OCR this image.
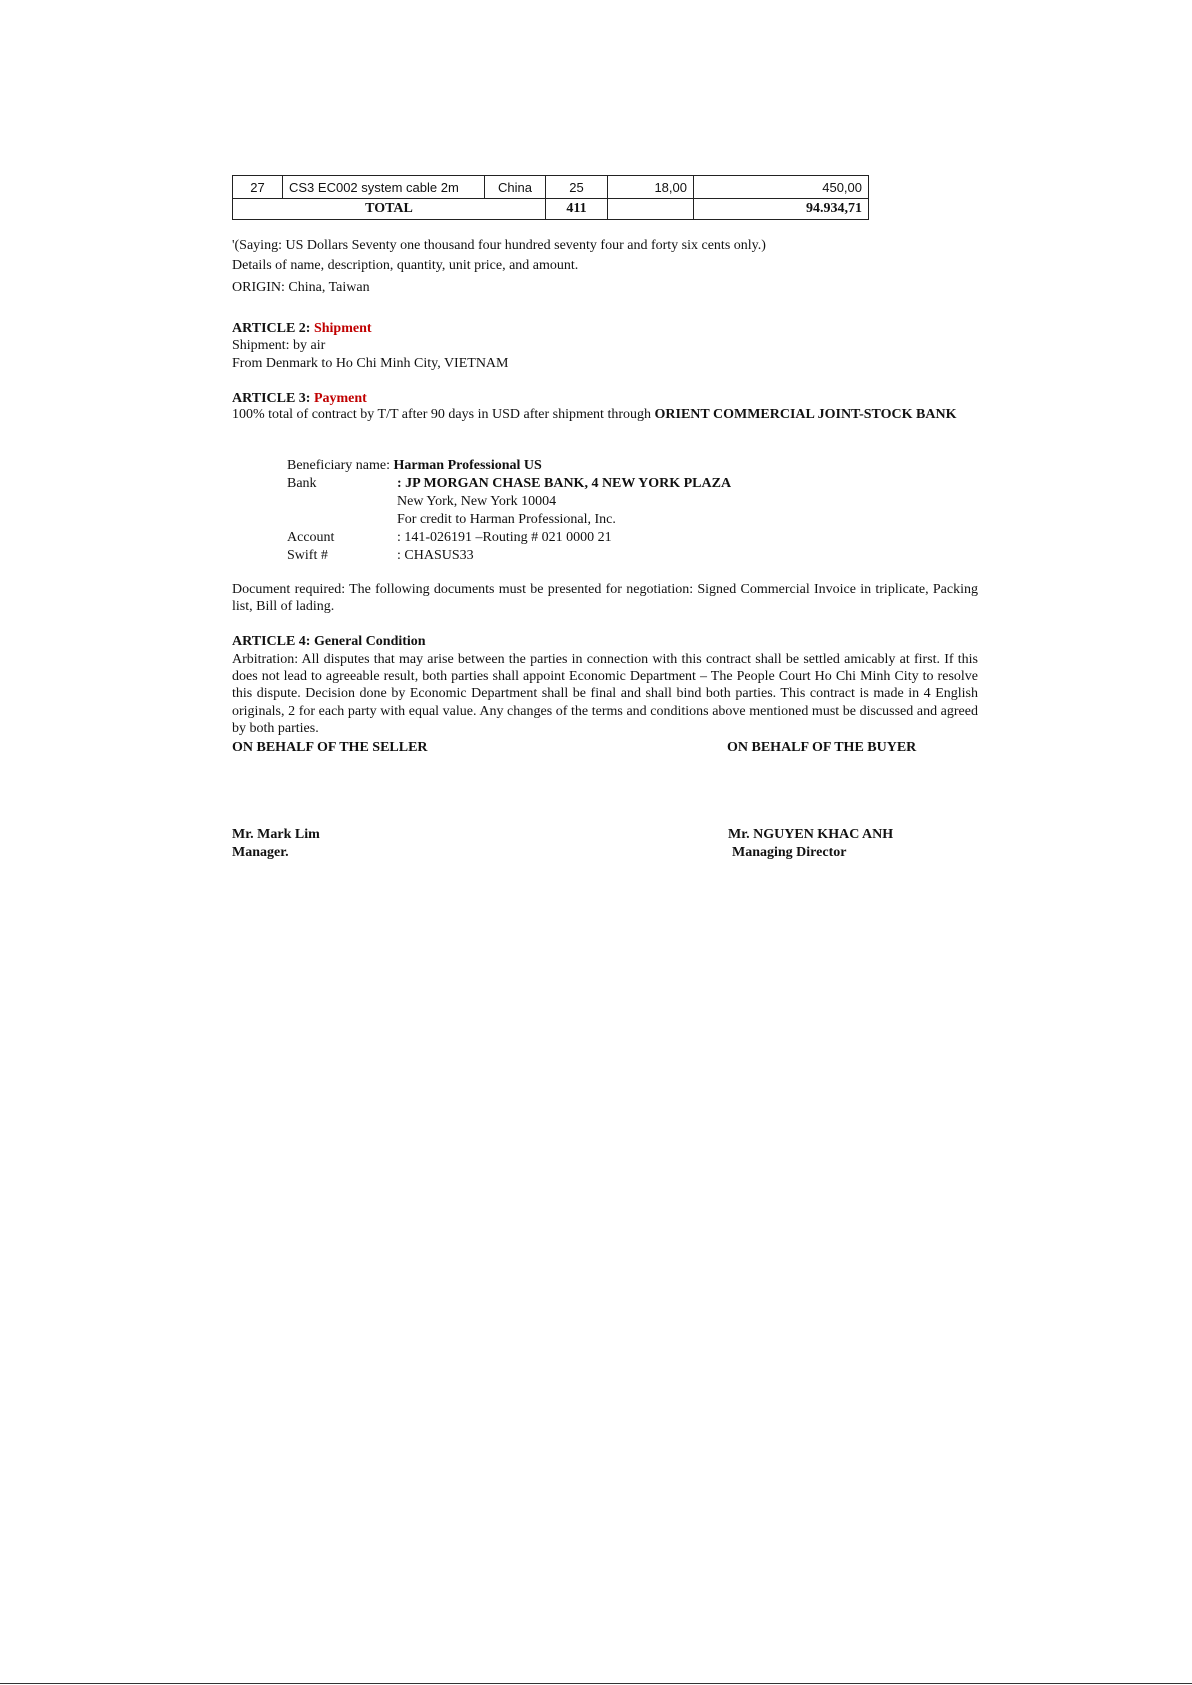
27	CS3 EC002 system cable 2m	China	25	18,00	450,00
TOTAL			411		94.934,71
'(Saying: US Dollars Seventy one thousand four hundred seventy four and forty six cents only.)
Details of name, description, quantity, unit price, and amount.
ORIGIN: China, Taiwan
ARTICLE 2: Shipment
Shipment: by air
From Denmark to Ho Chi Minh City, VIETNAM
ARTICLE 3: Payment
100% total of contract by T/T after 90 days in USD after shipment through ORIENT COMMERCIAL JOINT-STOCK BANK
Beneficiary name: Harman Professional US
Bank	: JP MORGAN CHASE BANK, 4 NEW YORK PLAZA
New York, New York 10004
For credit to Harman Professional, Inc.
Account	: 141-026191 –Routing # 021 0000 21
Swift #	: CHASUS33
Document required: The following documents must be presented for negotiation: Signed Commercial Invoice in triplicate, Packing list, Bill of lading.
ARTICLE 4: General Condition
Arbitration: All disputes that may arise between the parties in connection with this contract shall be settled amicably at first. If this does not lead to agreeable result, both parties shall appoint Economic Department – The People Court Ho Chi Minh City to resolve this dispute. Decision done by Economic Department shall be final and shall bind both parties. This contract is made in 4 English originals, 2 for each party with equal value. Any changes of the terms and conditions above mentioned must be discussed and agreed by both parties.
ON BEHALF OF THE SELLER	ON BEHALF OF THE BUYER
Mr. Mark Lim
Manager.
Mr. NGUYEN KHAC ANH
Managing Director
